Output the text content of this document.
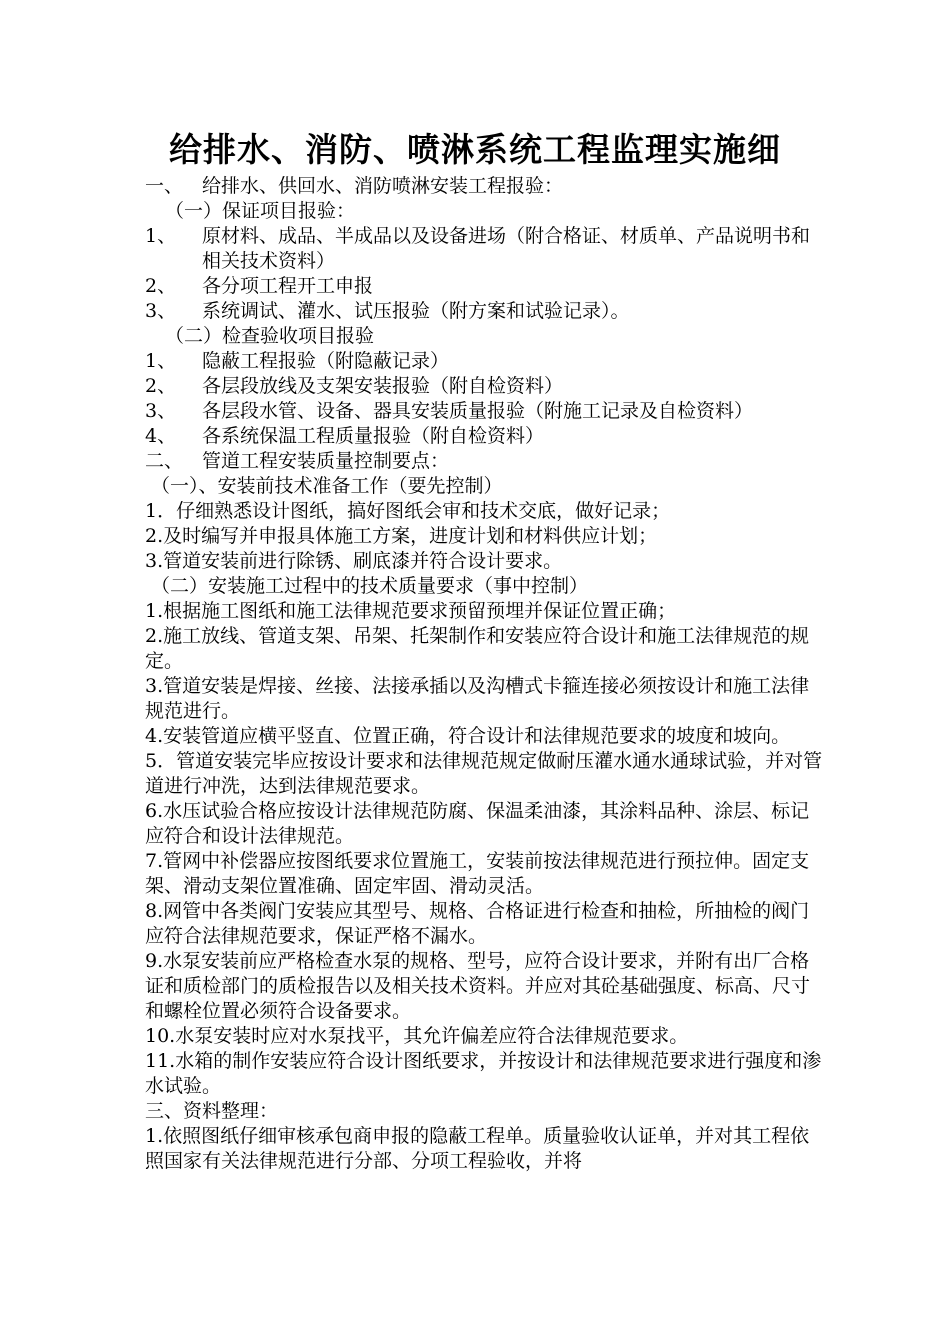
给排水、消防、喷淋系统工程监理实施细
一、 给排水、供回水、消防喷淋安装工程报验：
（一）保证项目报验：
1、	原材料、成品、半成品以及设备进场（附合格证、材质单、产品说明书和相关技术资料）
2、	各分项工程开工申报
3、	系统调试、灌水、试压报验（附方案和试验记录）。
（二）检查验收项目报验
1、	隐蔽工程报验（附隐蔽记录）
2、	各层段放线及支架安装报验（附自检资料）
3、	各层段水管、设备、器具安装质量报验（附施工记录及自检资料）
4、	各系统保温工程质量报验（附自检资料）
二、 管道工程安装质量控制要点：
（一）、安装前技术准备工作（要先控制）
1．仔细熟悉设计图纸，搞好图纸会审和技术交底，做好记录；
2.及时编写并申报具体施工方案，进度计划和材料供应计划；
3.管道安装前进行除锈、刷底漆并符合设计要求。
（二）安装施工过程中的技术质量要求（事中控制）
1.根据施工图纸和施工法律规范要求预留预埋并保证位置正确；
2.施工放线、管道支架、吊架、托架制作和安装应符合设计和施工法律规范的规定。
3.管道安装是焊接、丝接、法接承插以及沟槽式卡箍连接必须按设计和施工法律规范进行。
4.安装管道应横平竖直、位置正确，符合设计和法律规范要求的坡度和坡向。
5．管道安装完毕应按设计要求和法律规范规定做耐压灌水通水通球试验，并对管道进行冲洗，达到法律规范要求。
6.水压试验合格应按设计法律规范防腐、保温柔油漆，其涂料品种、涂层、标记应符合和设计法律规范。
7.管网中补偿器应按图纸要求位置施工，安装前按法律规范进行预拉伸。固定支架、滑动支架位置准确、固定牢固、滑动灵活。
8.网管中各类阀门安装应其型号、规格、合格证进行检查和抽检，所抽检的阀门应符合法律规范要求，保证严格不漏水。
9.水泵安装前应严格检查水泵的规格、型号，应符合设计要求，并附有出厂合格证和质检部门的质检报告以及相关技术资料。并应对其砼基础强度、标高、尺寸和螺栓位置必须符合设备要求。
10.水泵安装时应对水泵找平，其允许偏差应符合法律规范要求。
11.水箱的制作安装应符合设计图纸要求，并按设计和法律规范要求进行强度和渗水试验。
三、资料整理：
1.依照图纸仔细审核承包商申报的隐蔽工程单。质量验收认证单，并对其工程依照国家有关法律规范进行分部、分项工程验收，并将
